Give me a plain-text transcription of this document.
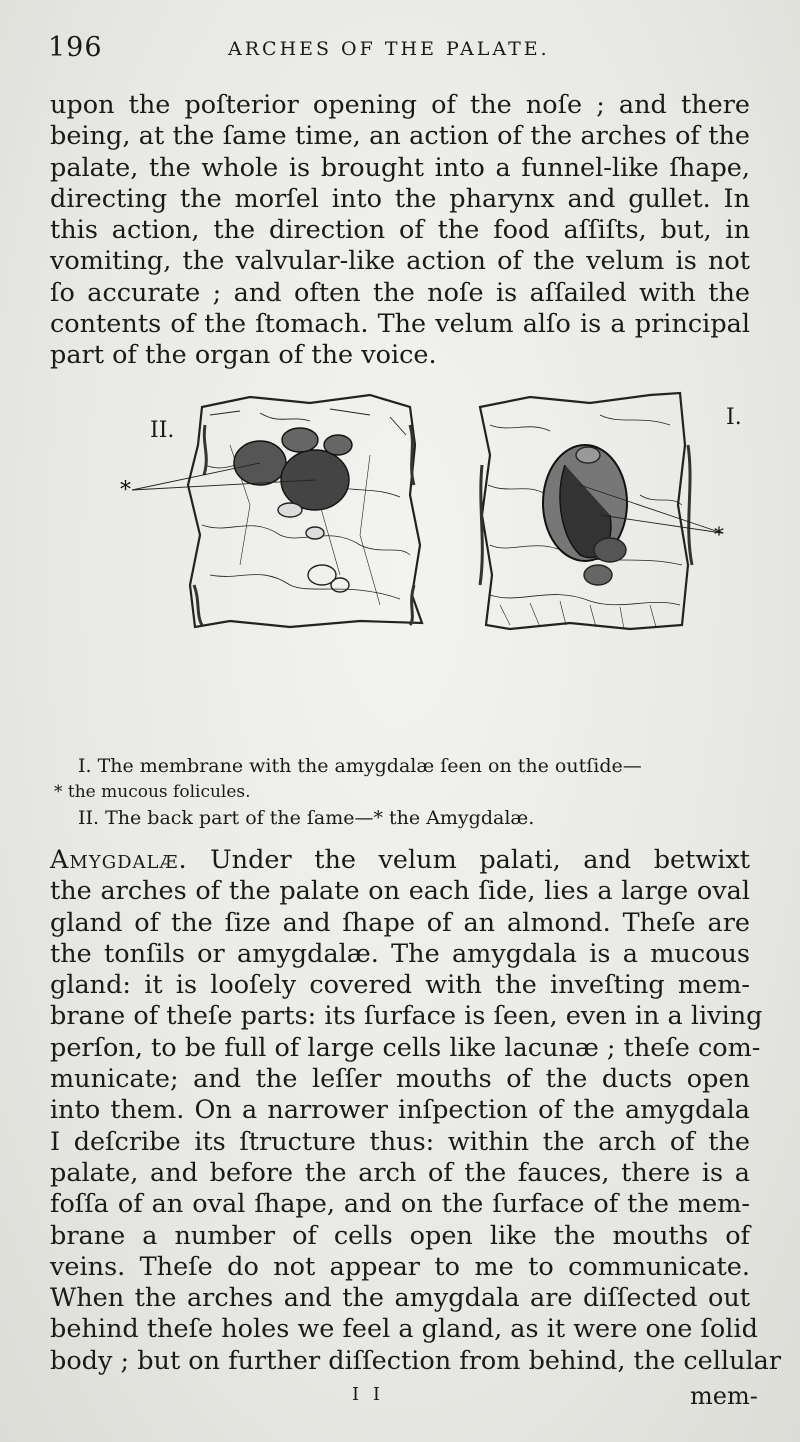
196	ARCHES OF THE PALATE.
upon the poſterior opening of the noſe ; and there
being, at the ſame time, an action of the arches of the
palate, the whole is brought into a funnel-like ſhape,
directing the morſel into the pharynx and gullet. In
this action, the direction of the food aſſiſts, but, in
vomiting, the valvular-like action of the velum is not
ſo accurate ; and often the noſe is aſſailed with the
contents of the ſtomach. The velum alſo is a principal
part of the organ of the voice.
*
*
II.
I.
I. The membrane with the amygdalæ ſeen on the outſide—
* the mucous folicules.
II. The back part of the ſame—* the Amygdalæ.
Amygdalæ. Under the velum palati, and betwixt
the arches of the palate on each ſide, lies a large oval
gland of the ſize and ſhape of an almond. Theſe are
the tonſils or amygdalæ. The amygdala is a mucous
gland: it is looſely covered with the inveſting mem-
brane of theſe parts: its ſurface is ſeen, even in a living
perſon, to be full of large cells like lacunæ ; theſe com-
municate; and the leſſer mouths of the ducts open
into them. On a narrower inſpection of the amygdala
I deſcribe its ſtructure thus: within the arch of the
palate, and before the arch of the fauces, there is a
foſſa of an oval ſhape, and on the ſurface of the mem-
brane a number of cells open like the mouths of
veins. Theſe do not appear to me to communicate.
When the arches and the amygdala are diſſected out
behind theſe holes we feel a gland, as it were one ſolid
body ; but on further diſſection from behind, the cellular
I I	mem-
